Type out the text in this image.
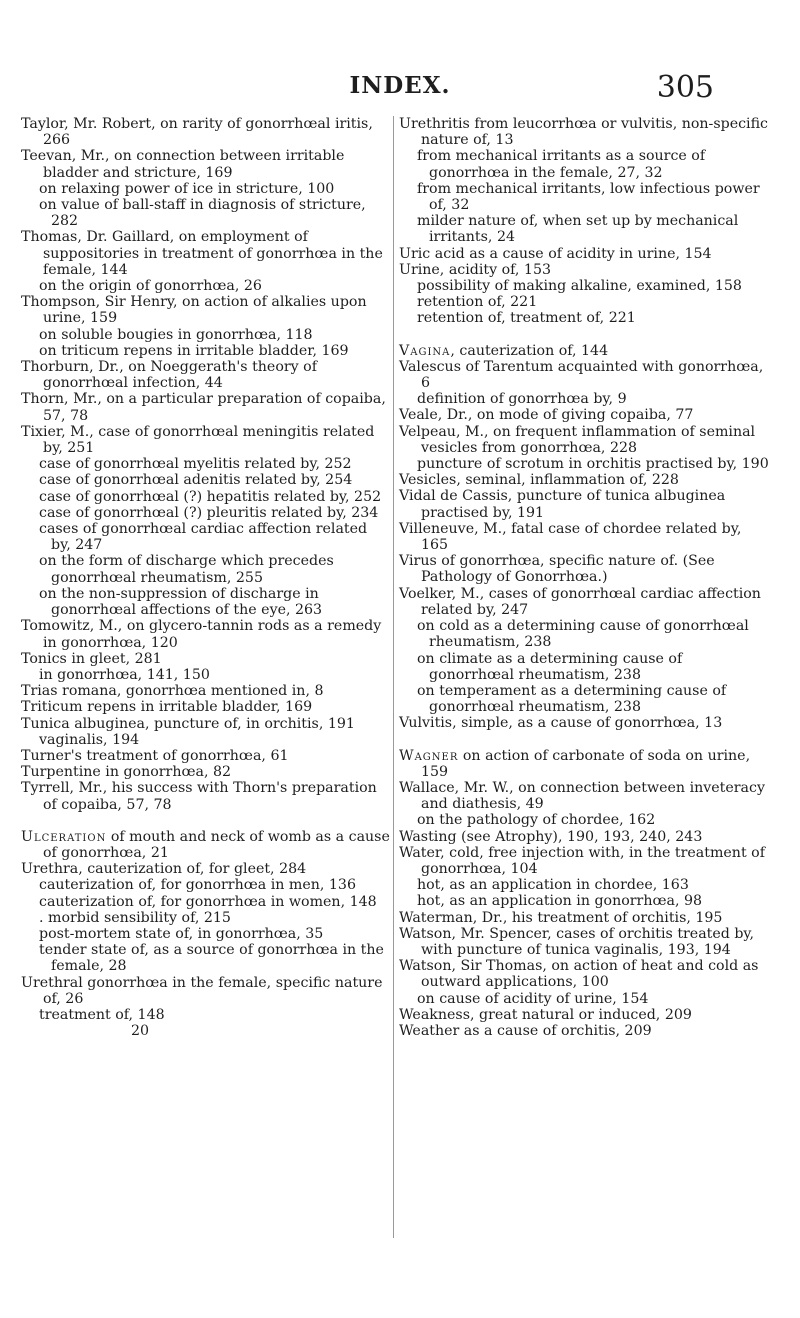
INDEX.	305

Taylor, Mr. Robert, on rarity of gonorrhœal iritis, 266

Teevan, Mr., on connection between irritable bladder and stricture, 169

on relaxing power of ice in stricture, 100

on value of ball-staff in diagnosis of stricture, 282

Thomas, Dr. Gaillard, on employment of suppositories in treatment of gonorrhœa in the female, 144

on the origin of gonorrhœa, 26

Thompson, Sir Henry, on action of alkalies upon urine, 159

on soluble bougies in gonorrhœa, 118

on triticum repens in irritable bladder, 169

Thorburn, Dr., on Noeggerath's theory of gonorrhœal infection, 44

Thorn, Mr., on a particular preparation of copaiba, 57, 78

Tixier, M., case of gonorrhœal meningitis related by, 251

case of gonorrhœal myelitis related by, 252

case of gonorrhœal adenitis related by, 254

case of gonorrhœal (?) hepatitis related by, 252

case of gonorrhœal (?) pleuritis related by, 234

cases of gonorrhœal cardiac affection related by, 247

on the form of discharge which precedes gonorrhœal rheumatism, 255

on the non-suppression of discharge in gonorrhœal affections of the eye, 263

Tomowitz, M., on glycero-tannin rods as a remedy in gonorrhœa, 120

Tonics in gleet, 281

in gonorrhœa, 141, 150

Trias romana, gonorrhœa mentioned in, 8

Triticum repens in irritable bladder, 169

Tunica albuginea, puncture of, in orchitis, 191

vaginalis, 194

Turner's treatment of gonorrhœa, 61

Turpentine in gonorrhœa, 82

Tyrrell, Mr., his success with Thorn's preparation of copaiba, 57, 78

Ulceration of mouth and neck of womb as a cause of gonorrhœa, 21

Urethra, cauterization of, for gleet, 284

cauterization of, for gonorrhœa in men, 136

cauterization of, for gonorrhœa in women, 148

. morbid sensibility of, 215

post-mortem state of, in gonorrhœa, 35

tender state of, as a source of gonorrhœa in the female, 28

Urethral gonorrhœa in the female, specific nature of, 26

treatment of, 148

20

Urethritis from leucorrhœa or vulvitis, non-specific nature of, 13

from mechanical irritants as a source of gonorrhœa in the female, 27, 32

from mechanical irritants, low infectious power of, 32

milder nature of, when set up by mechanical irritants, 24

Uric acid as a cause of acidity in urine, 154

Urine, acidity of, 153

possibility of making alkaline, examined, 158

retention of, 221

retention of, treatment of, 221

Vagina, cauterization of, 144

Valescus of Tarentum acquainted with gonorrhœa, 6

definition of gonorrhœa by, 9

Veale, Dr., on mode of giving copaiba, 77

Velpeau, M., on frequent inflammation of seminal vesicles from gonorrhœa, 228

puncture of scrotum in orchitis practised by, 190

Vesicles, seminal, inflammation of, 228

Vidal de Cassis, puncture of tunica albuginea practised by, 191

Villeneuve, M., fatal case of chordee related by, 165

Virus of gonorrhœa, specific nature of. (See Pathology of Gonorrhœa.)

Voelker, M., cases of gonorrhœal cardiac affection related by, 247

on cold as a determining cause of gonorrhœal rheumatism, 238

on climate as a determining cause of gonorrhœal rheumatism, 238

on temperament as a determining cause of gonorrhœal rheumatism, 238

Vulvitis, simple, as a cause of gonorrhœa, 13

Wagner on action of carbonate of soda on urine, 159

Wallace, Mr. W., on connection between inveteracy and diathesis, 49

on the pathology of chordee, 162

Wasting (see Atrophy), 190, 193, 240, 243

Water, cold, free injection with, in the treatment of gonorrhœa, 104

hot, as an application in chordee, 163

hot, as an application in gonorrhœa, 98

Waterman, Dr., his treatment of orchitis, 195

Watson, Mr. Spencer, cases of orchitis treated by, with puncture of tunica vaginalis, 193, 194

Watson, Sir Thomas, on action of heat and cold as outward applications, 100

on cause of acidity of urine, 154

Weakness, great natural or induced, 209

Weather as a cause of orchitis, 209
